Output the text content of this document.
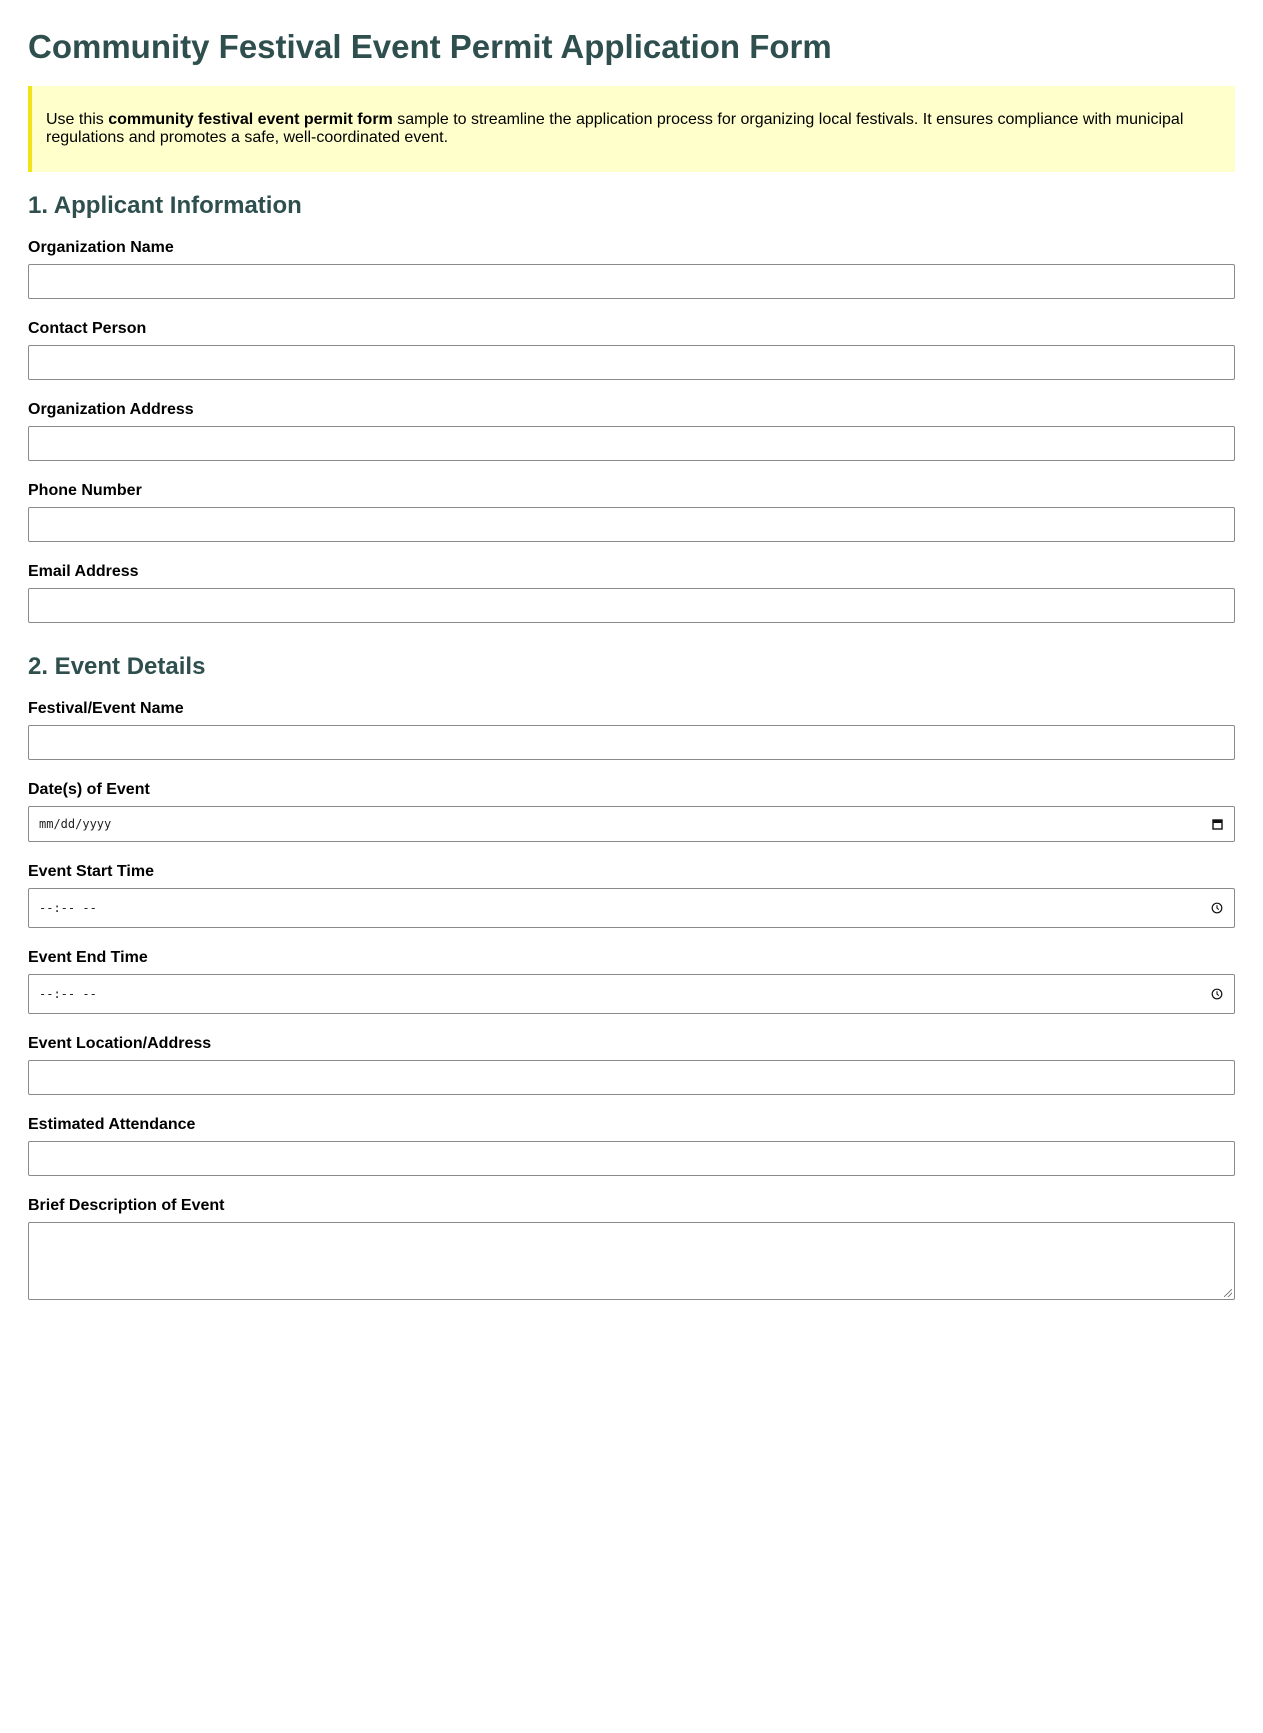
Community Festival Event Permit Application Form
Use this community festival event permit form sample to streamline the application process for organizing local festivals. It ensures compliance with municipal regulations and promotes a safe, well-coordinated event.
1. Applicant Information
Organization Name
Contact Person
Organization Address
Phone Number
Email Address
2. Event Details
Festival/Event Name
Date(s) of Event
mm/dd/yyyy
Event Start Time
--:-- --
Event End Time
--:-- --
Event Location/Address
Estimated Attendance
Brief Description of Event
